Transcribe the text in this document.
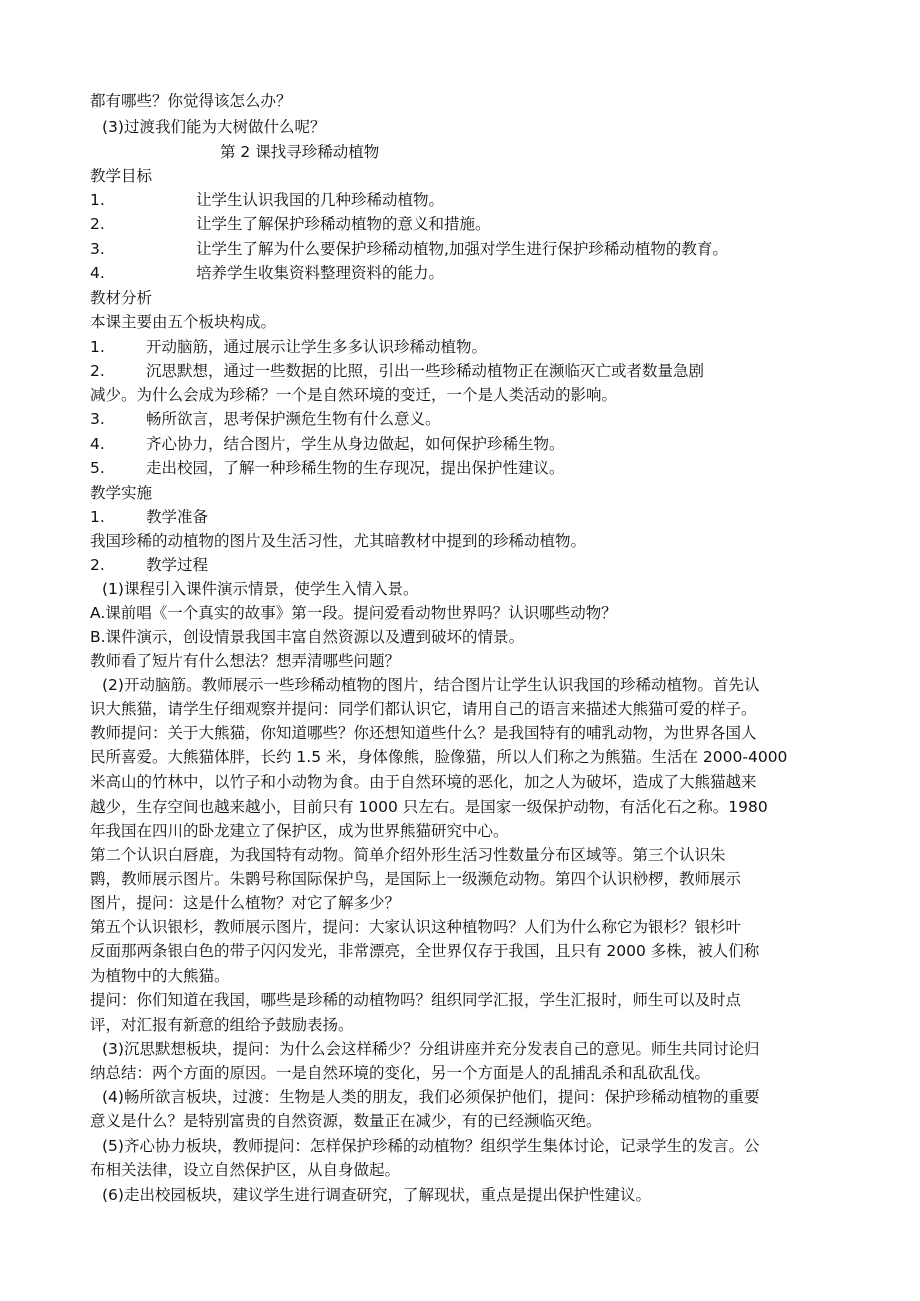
都有哪些？你觉得该怎么办？
(3)过渡我们能为大树做什么呢？
第 2 课找寻珍稀动植物
教学目标
1.	让学生认识我国的几种珍稀动植物。
2.	让学生了解保护珍稀动植物的意义和措施。
3.	让学生了解为什么要保护珍稀动植物,加强对学生进行保护珍稀动植物的教育。
4.	培养学生收集资料整理资料的能力。
教材分析
本课主要由五个板块构成。
1.	开动脑筋，通过展示让学生多多认识珍稀动植物。
2.	沉思默想，通过一些数据的比照，引出一些珍稀动植物正在濒临灭亡或者数量急剧
减少。为什么会成为珍稀？一个是自然环境的变迁，一个是人类活动的影响。
3.	畅所欲言，思考保护濒危生物有什么意义。
4.	齐心协力，结合图片，学生从身边做起，如何保护珍稀生物。
5.	走出校园，了解一种珍稀生物的生存现况，提出保护性建议。
教学实施
1.	教学准备
我国珍稀的动植物的图片及生活习性，尤其暗教材中提到的珍稀动植物。
2.	教学过程
(1)课程引入课件演示情景，使学生入情入景。
A.课前唱《一个真实的故事》第一段。提问爱看动物世界吗？认识哪些动物？
B.课件演示，创设情景我国丰富自然资源以及遭到破坏的情景。
教师看了短片有什么想法？想弄清哪些问题？
(2)开动脑筋。教师展示一些珍稀动植物的图片，结合图片让学生认识我国的珍稀动植物。首先认
识大熊猫，请学生仔细观察并提问：同学们都认识它，请用自己的语言来描述大熊猫可爱的样子。
教师提问：关于大熊猫，你知道哪些？你还想知道些什么？是我国特有的哺乳动物，为世界各国人
民所喜爱。大熊猫体胖，长约 1.5 米，身体像熊，脸像猫，所以人们称之为熊猫。生活在 2000-4000
米高山的竹林中，以竹子和小动物为食。由于自然环境的恶化，加之人为破坏，造成了大熊猫越来
越少，生存空间也越来越小，目前只有 1000 只左右。是国家一级保护动物，有活化石之称。1980
年我国在四川的卧龙建立了保护区，成为世界熊猫研究中心。
第二个认识白唇鹿，为我国特有动物。简单介绍外形生活习性数量分布区域等。第三个认识朱
鹮，教师展示图片。朱鹮号称国际保护鸟，是国际上一级濒危动物。第四个认识桫椤，教师展示
图片，提问：这是什么植物？对它了解多少？
第五个认识银杉，教师展示图片，提问：大家认识这种植物吗？人们为什么称它为银杉？银杉叶
反面那两条银白色的带子闪闪发光，非常漂亮，全世界仅存于我国，且只有 2000 多株，被人们称
为植物中的大熊猫。
提问：你们知道在我国，哪些是珍稀的动植物吗？组织同学汇报，学生汇报时，师生可以及时点
评，对汇报有新意的组给予鼓励表扬。
(3)沉思默想板块，提问：为什么会这样稀少？分组讲座并充分发表自己的意见。师生共同讨论归
纳总结：两个方面的原因。一是自然环境的变化，另一个方面是人的乱捕乱杀和乱砍乱伐。
(4)畅所欲言板块，过渡：生物是人类的朋友，我们必须保护他们，提问：保护珍稀动植物的重要
意义是什么？是特别富贵的自然资源，数量正在减少，有的已经濒临灭绝。
(5)齐心协力板块，教师提问：怎样保护珍稀的动植物？组织学生集体讨论，记录学生的发言。公
布相关法律，设立自然保护区，从自身做起。
(6)走出校园板块，建议学生进行调查研究，了解现状，重点是提出保护性建议。
